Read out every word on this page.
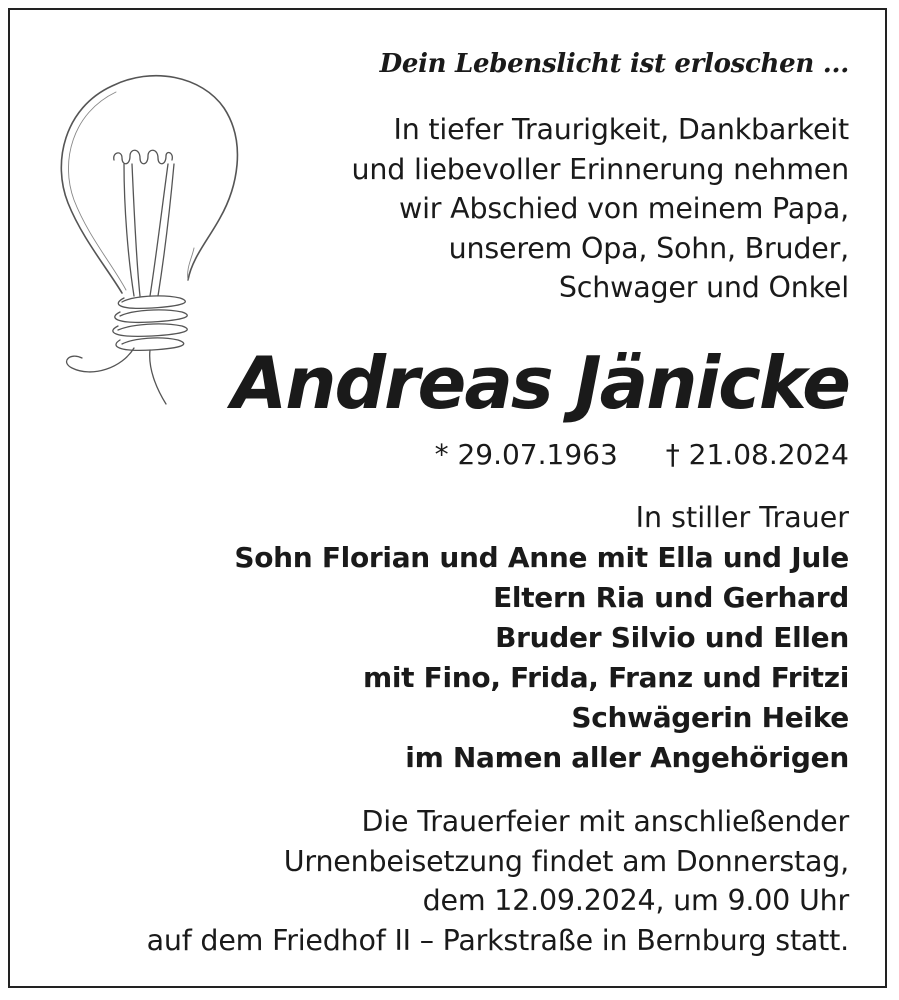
Dein Lebenslicht ist erloschen ...
In tiefer Traurigkeit, Dankbarkeit
und liebevoller Erinnerung nehmen
wir Abschied von meinem Papa,
unserem Opa, Sohn, Bruder,
Schwager und Onkel
Andreas Jänicke
* 29.07.1963 † 21.08.2024
In stiller Trauer
Sohn Florian und Anne mit Ella und Jule
Eltern Ria und Gerhard
Bruder Silvio und Ellen
mit Fino, Frida, Franz und Fritzi
Schwägerin Heike
im Namen aller Angehörigen
Die Trauerfeier mit anschließender
Urnenbeisetzung findet am Donnerstag,
dem 12.09.2024, um 9.00 Uhr
auf dem Friedhof II – Parkstraße in Bernburg statt.
